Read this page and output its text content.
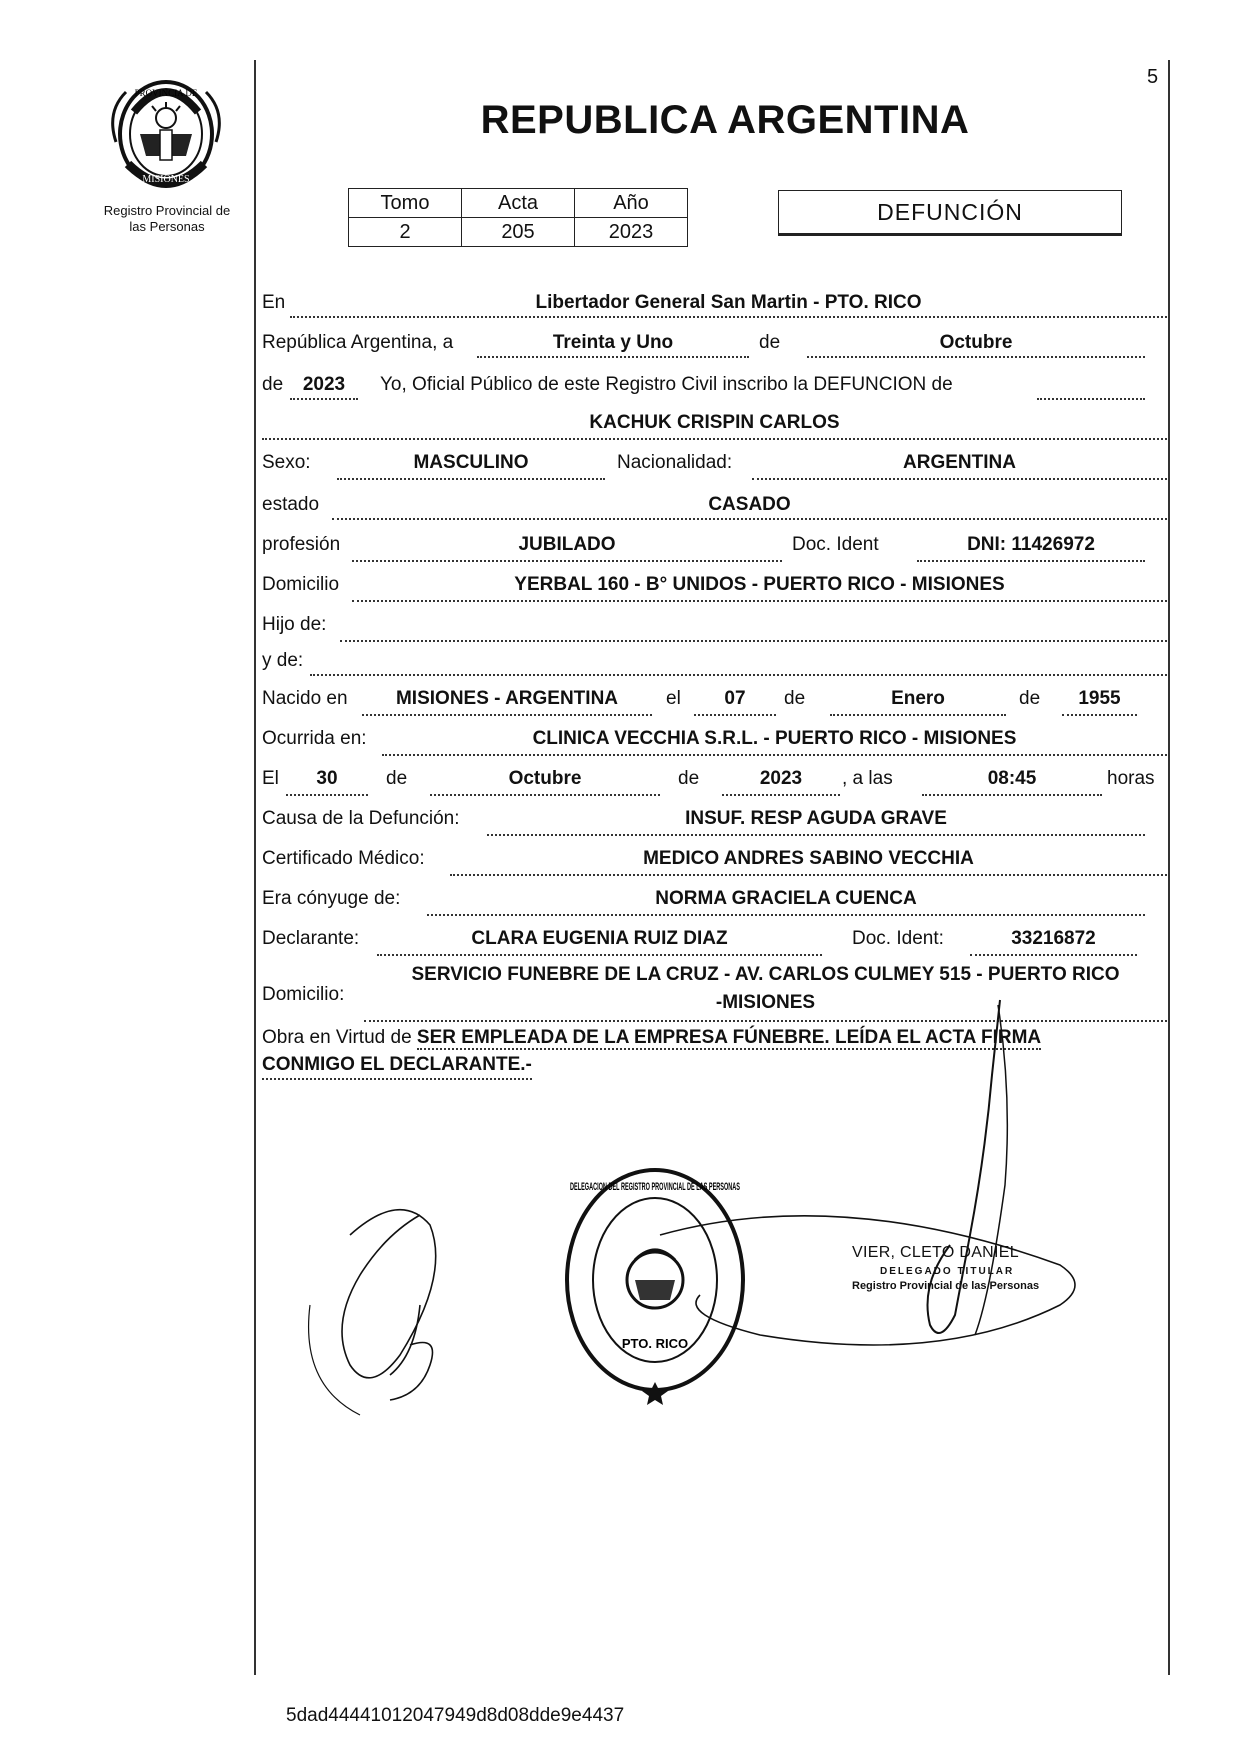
5
PROVINCIA DE
MISIONES
Registro Provincial de
las Personas
REPUBLICA ARGENTINA
Tomo	Acta	Año
2	205	2023
DEFUNCIÓN
En	Libertador General San Martin - PTO. RICO
República Argentina, a	Treinta y Uno	de	Octubre
de	2023	Yo, Oficial Público de este Registro Civil inscribo la DEFUNCION de
KACHUK CRISPIN CARLOS
Sexo:	MASCULINO	Nacionalidad:	ARGENTINA
estado	CASADO
profesión	JUBILADO	Doc. Ident	DNI: 11426972
Domicilio	YERBAL 160 - B° UNIDOS - PUERTO RICO - MISIONES
Hijo de:
y de:
Nacido en	MISIONES - ARGENTINA	el	07	de	Enero	de	1955
Ocurrida en:	CLINICA VECCHIA S.R.L. - PUERTO RICO - MISIONES
El	30	de	Octubre	de	2023	, a las	08:45	horas
Causa de la Defunción:	INSUF. RESP AGUDA GRAVE
Certificado Médico:	MEDICO ANDRES SABINO VECCHIA
Era cónyuge de:	NORMA GRACIELA CUENCA
Declarante:	CLARA EUGENIA RUIZ DIAZ	Doc. Ident:	33216872
Domicilio:
SERVICIO FUNEBRE DE LA CRUZ - AV. CARLOS CULMEY 515 - PUERTO RICO
-MISIONES
Obra en Virtud de SER EMPLEADA DE LA EMPRESA FÚNEBRE. LEÍDA EL ACTA FIRMA
CONMIGO EL DECLARANTE.-
DELEGACION DEL REGISTRO PROVINCIAL DE LAS PERSONAS
PTO. RICO
VIER, CLETO DANIEL
DELEGADO TITULAR
Registro Provincial de las Personas
5dad44441012047949d8d08dde9e4437
